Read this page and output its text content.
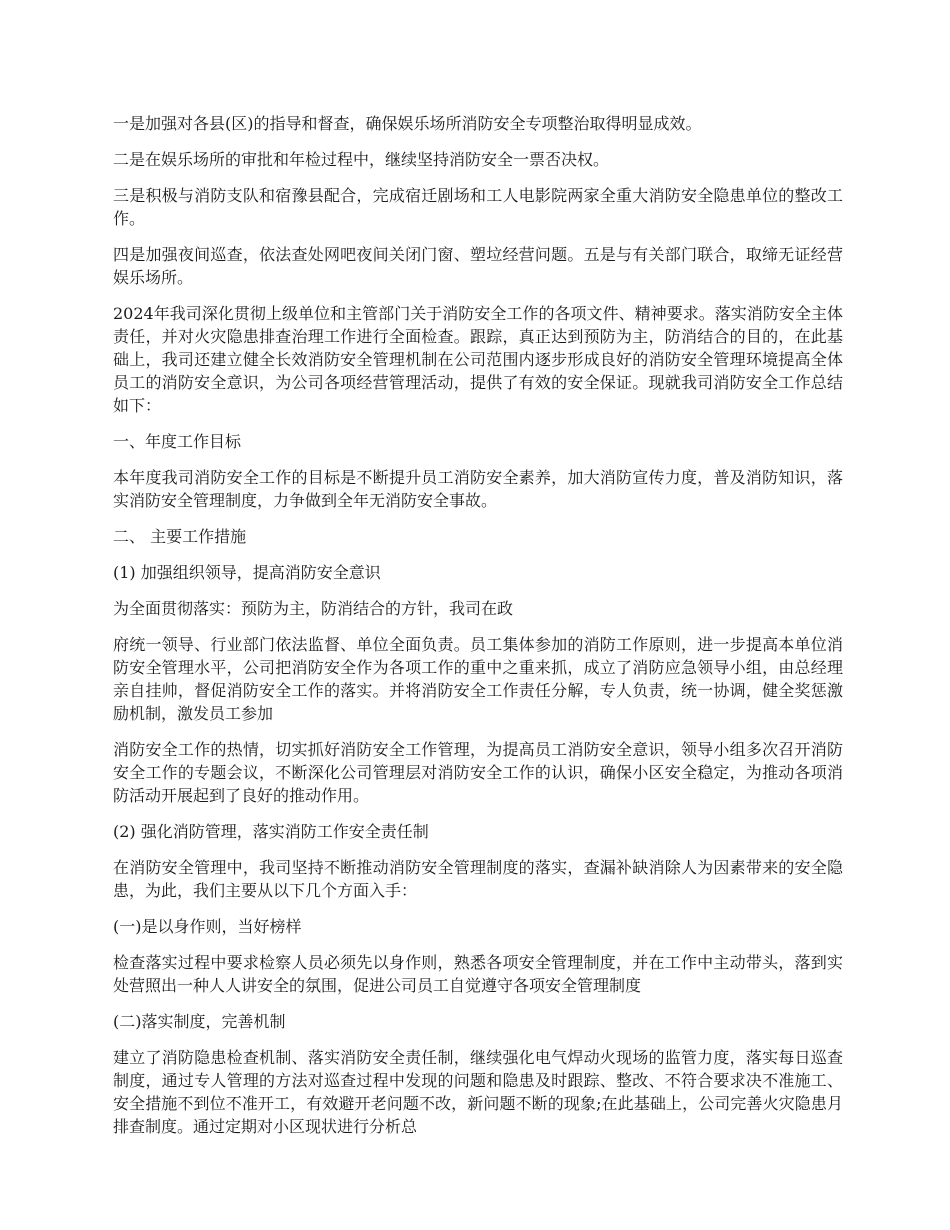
一是加强对各县(区)的指导和督查，确保娱乐场所消防安全专项整治取得明显成效。

二是在娱乐场所的审批和年检过程中，继续坚持消防安全一票否决权。

三是积极与消防支队和宿豫县配合，完成宿迁剧场和工人电影院两家全重大消防安全隐患单位的整改工作。

四是加强夜间巡查，依法查处网吧夜间关闭门窗、塑垃经营问题。五是与有关部门联合，取缔无证经营娱乐场所。

2024年我司深化贯彻上级单位和主管部门关于消防安全工作的各项文件、精神要求。落实消防安全主体责任，并对火灾隐患排查治理工作进行全面检查。跟踪，真正达到预防为主，防消结合的目的，在此基础上，我司还建立健全长效消防安全管理机制在公司范围内逐步形成良好的消防安全管理环境提高全体员工的消防安全意识，为公司各项经营管理活动，提供了有效的安全保证。现就我司消防安全工作总结如下：

一、年度工作目标

本年度我司消防安全工作的目标是不断提升员工消防安全素养，加大消防宣传力度，普及消防知识，落实消防安全管理制度，力争做到全年无消防安全事故。

二、 主要工作措施

(1) 加强组织领导，提高消防安全意识

为全面贯彻落实：预防为主，防消结合的方针，我司在政

府统一领导、行业部门依法监督、单位全面负责。员工集体参加的消防工作原则，进一步提高本单位消防安全管理水平，公司把消防安全作为各项工作的重中之重来抓，成立了消防应急领导小组，由总经理亲自挂帅，督促消防安全工作的落实。并将消防安全工作责任分解，专人负责，统一协调，健全奖惩激励机制，激发员工参加

消防安全工作的热情，切实抓好消防安全工作管理，为提高员工消防安全意识，领导小组多次召开消防安全工作的专题会议，不断深化公司管理层对消防安全工作的认识，确保小区安全稳定，为推动各项消防活动开展起到了良好的推动作用。

(2) 强化消防管理，落实消防工作安全责任制

在消防安全管理中，我司坚持不断推动消防安全管理制度的落实，查漏补缺消除人为因素带来的安全隐患，为此，我们主要从以下几个方面入手：

(一)是以身作则，当好榜样

检查落实过程中要求检察人员必须先以身作则，熟悉各项安全管理制度，并在工作中主动带头，落到实处营照出一种人人讲安全的氛围，促进公司员工自觉遵守各项安全管理制度

(二)落实制度，完善机制

建立了消防隐患检查机制、落实消防安全责任制，继续强化电气焊动火现场的监管力度，落实每日巡查制度，通过专人管理的方法对巡查过程中发现的问题和隐患及时跟踪、整改、不符合要求决不准施工、安全措施不到位不准开工，有效避开老问题不改，新问题不断的现象;在此基础上，公司完善火灾隐患月排查制度。通过定期对小区现状进行分析总
